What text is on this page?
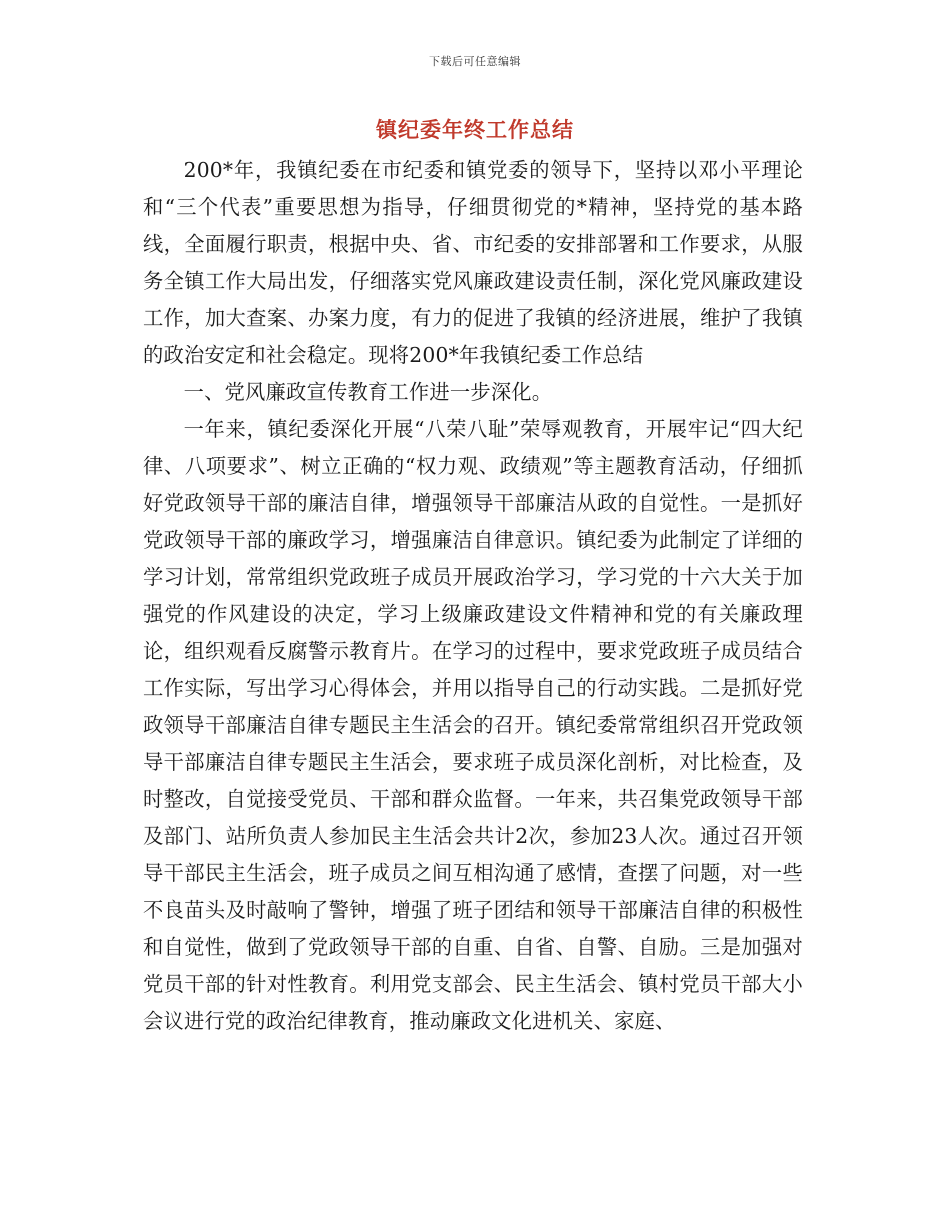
下载后可任意编辑
镇纪委年终工作总结

200*年，我镇纪委在市纪委和镇党委的领导下，坚持以邓小平理论和“三个代表”重要思想为指导，仔细贯彻党的*精神，坚持党的基本路线，全面履行职责，根据中央、省、市纪委的安排部署和工作要求，从服务全镇工作大局出发，仔细落实党风廉政建设责任制，深化党风廉政建设工作，加大查案、办案力度，有力的促进了我镇的经济进展，维护了我镇的政治安定和社会稳定。现将200*年我镇纪委工作总结

一、党风廉政宣传教育工作进一步深化。

一年来，镇纪委深化开展“八荣八耻”荣辱观教育，开展牢记“四大纪律、八项要求”、树立正确的“权力观、政绩观”等主题教育活动，仔细抓好党政领导干部的廉洁自律，增强领导干部廉洁从政的自觉性。一是抓好党政领导干部的廉政学习，增强廉洁自律意识。镇纪委为此制定了详细的学习计划，常常组织党政班子成员开展政治学习，学习党的十六大关于加强党的作风建设的决定，学习上级廉政建设文件精神和党的有关廉政理论，组织观看反腐警示教育片。在学习的过程中，要求党政班子成员结合工作实际，写出学习心得体会，并用以指导自己的行动实践。二是抓好党政领导干部廉洁自律专题民主生活会的召开。镇纪委常常组织召开党政领导干部廉洁自律专题民主生活会，要求班子成员深化剖析，对比检查，及时整改，自觉接受党员、干部和群众监督。一年来，共召集党政领导干部及部门、站所负责人参加民主生活会共计2次，参加23人次。通过召开领导干部民主生活会，班子成员之间互相沟通了感情，查摆了问题，对一些不良苗头及时敲响了警钟，增强了班子团结和领导干部廉洁自律的积极性和自觉性，做到了党政领导干部的自重、自省、自警、自励。三是加强对党员干部的针对性教育。利用党支部会、民主生活会、镇村党员干部大小会议进行党的政治纪律教育，推动廉政文化进机关、家庭、
